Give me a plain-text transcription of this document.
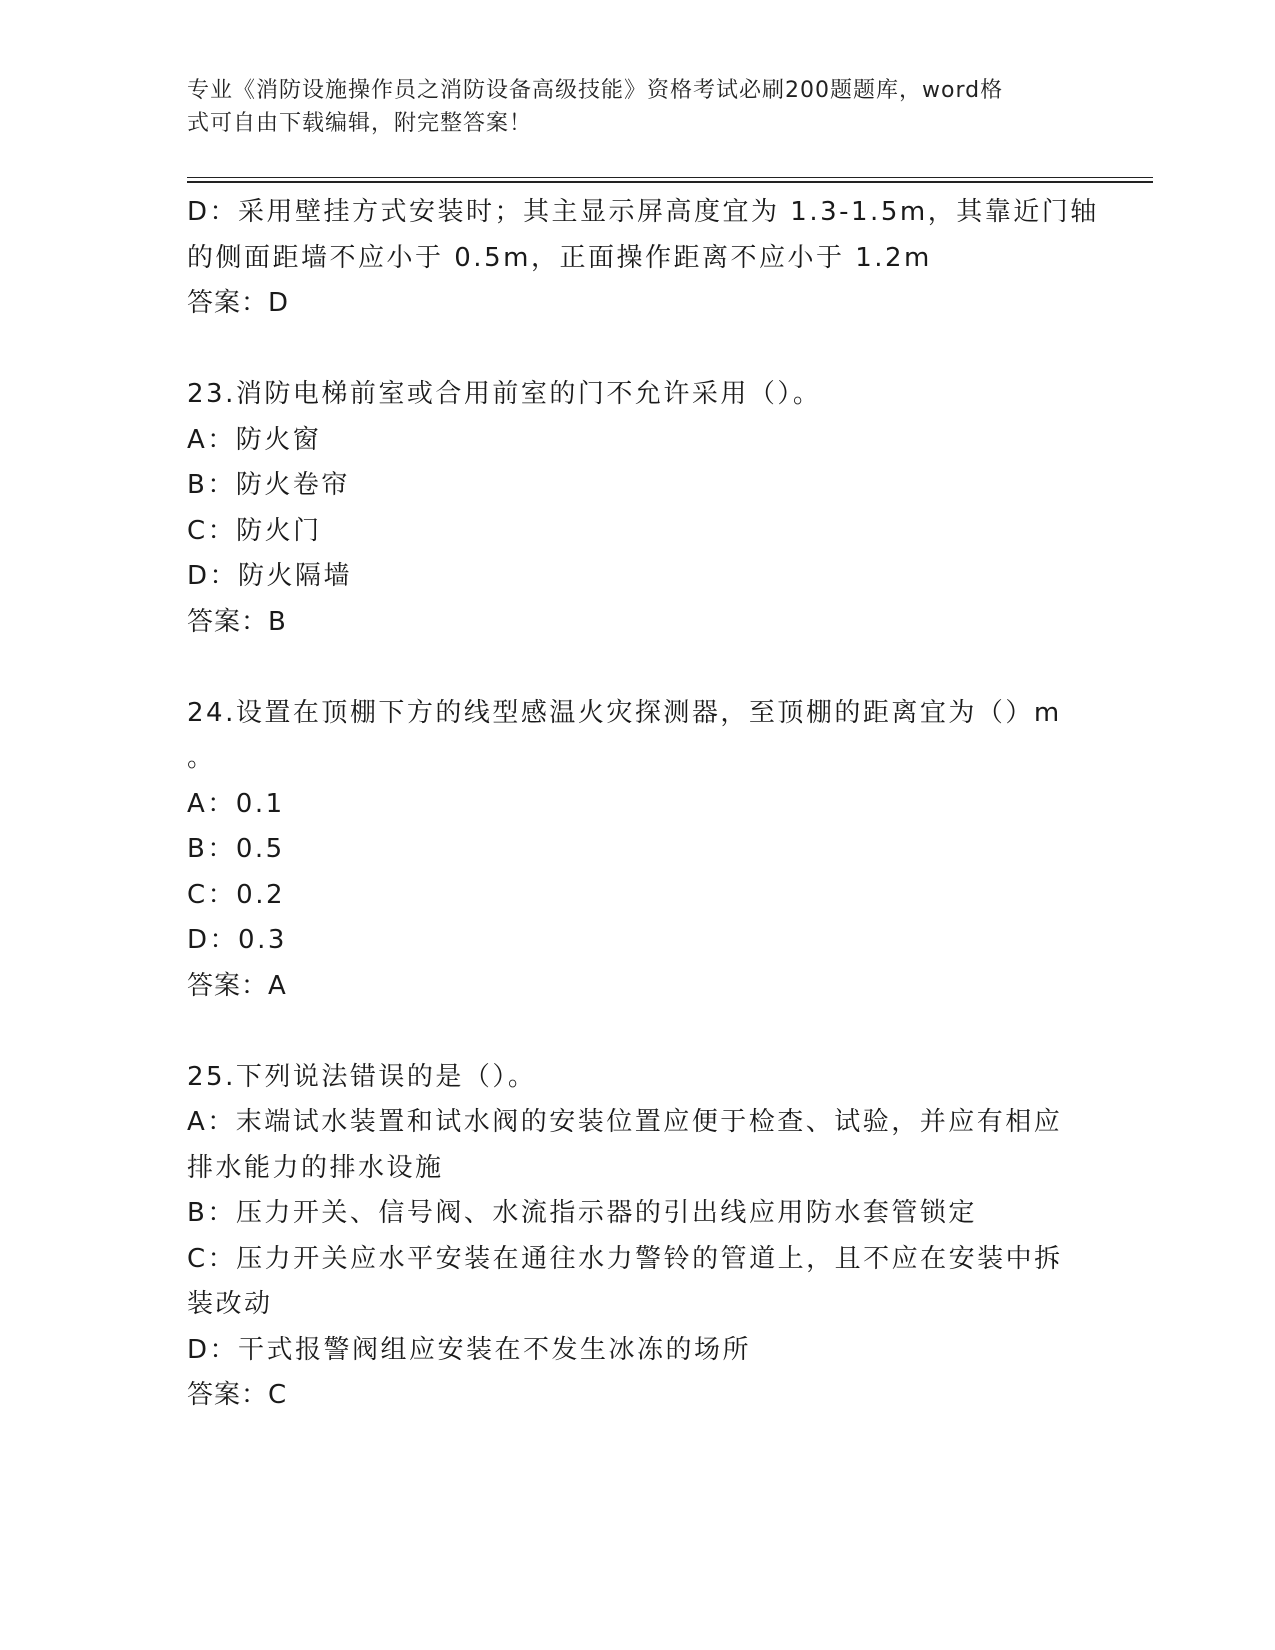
专业《消防设施操作员之消防设备高级技能》资格考试必刷200题题库，word格
式可自由下载编辑，附完整答案！
D：采用壁挂方式安装时；其主显示屏高度宜为 1.3-1.5m，其靠近门轴
的侧面距墙不应小于 0.5m，正面操作距离不应小于 1.2m
答案：D
23.消防电梯前室或合用前室的门不允许采用（）。
A：防火窗
B：防火卷帘
C：防火门
D：防火隔墙
答案：B
24.设置在顶棚下方的线型感温火灾探测器，至顶棚的距离宜为（）m
。
A：0.1
B：0.5
C：0.2
D：0.3
答案：A
25.下列说法错误的是（）。
A：末端试水装置和试水阀的安装位置应便于检查、试验，并应有相应
排水能力的排水设施
B：压力开关、信号阀、水流指示器的引出线应用防水套管锁定
C：压力开关应水平安装在通往水力警铃的管道上，且不应在安装中拆
装改动
D：干式报警阀组应安装在不发生冰冻的场所
答案：C
